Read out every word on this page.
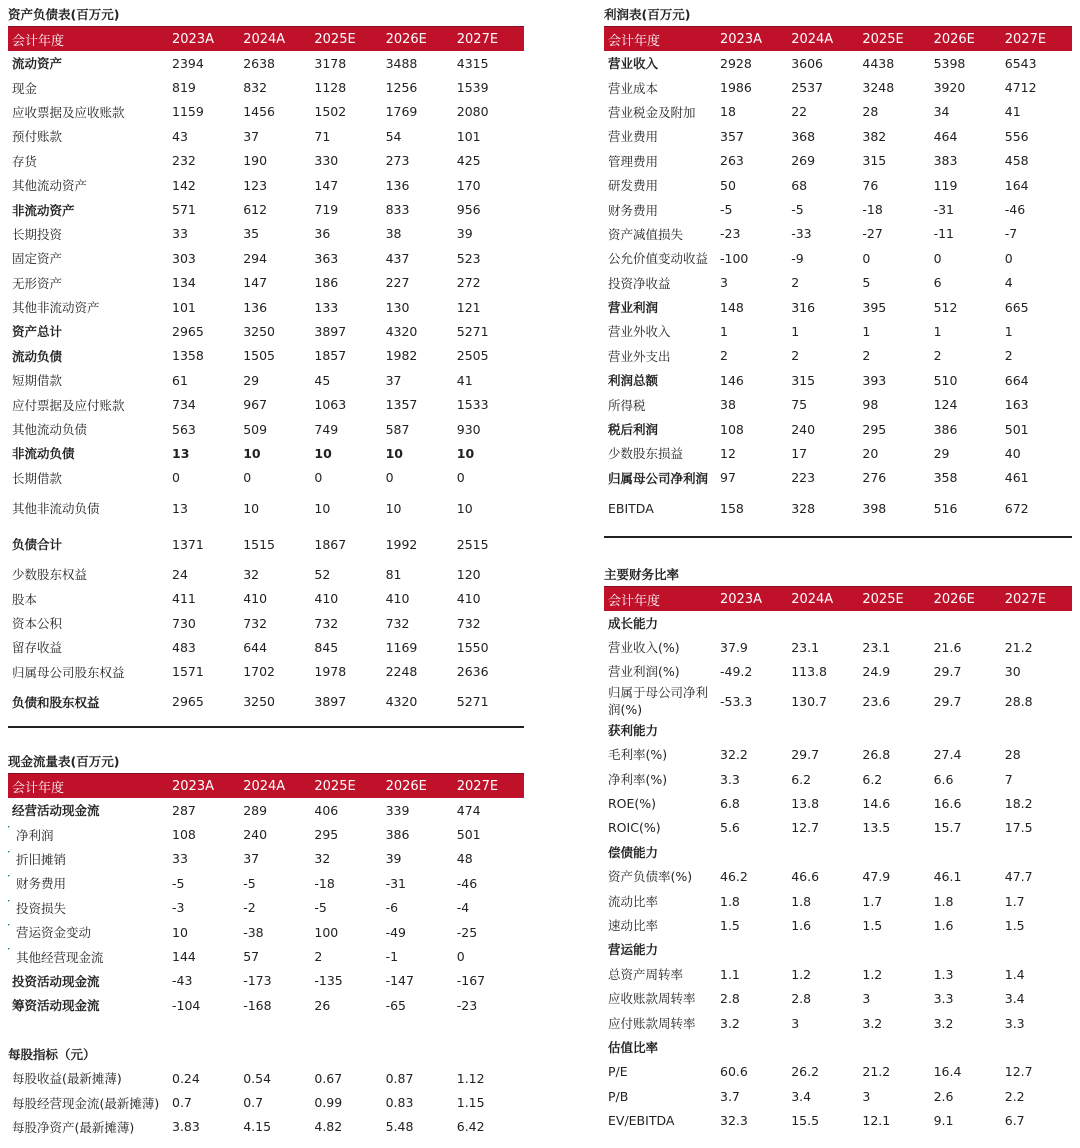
资产负债表(百万元)
会计年度	2023A	2024A	2025E	2026E	2027E
流动资产	2394	2638	3178	3488	4315
现金	819	832	1128	1256	1539
应收票据及应收账款	1159	1456	1502	1769	2080
预付账款	43	37	71	54	101
存货	232	190	330	273	425
其他流动资产	142	123	147	136	170
非流动资产	571	612	719	833	956
长期投资	33	35	36	38	39
固定资产	303	294	363	437	523
无形资产	134	147	186	227	272
其他非流动资产	101	136	133	130	121
资产总计	2965	3250	3897	4320	5271
流动负债	1358	1505	1857	1982	2505
短期借款	61	29	45	37	41
应付票据及应付账款	734	967	1063	1357	1533
其他流动负债	563	509	749	587	930
非流动负债	13	10	10	10	10
长期借款	0	0	0	0	0
其他非流动负债	13	10	10	10	10
负债合计	1371	1515	1867	1992	2515
少数股东权益	24	32	52	81	120
股本	411	410	410	410	410
资本公积	730	732	732	732	732
留存收益	483	644	845	1169	1550
归属母公司股东权益	1571	1702	1978	2248	2636
负债和股东权益	2965	3250	3897	4320	5271
利润表(百万元)
会计年度	2023A	2024A	2025E	2026E	2027E
营业收入	2928	3606	4438	5398	6543
营业成本	1986	2537	3248	3920	4712
营业税金及附加	18	22	28	34	41
营业费用	357	368	382	464	556
管理费用	263	269	315	383	458
研发费用	50	68	76	119	164
财务费用	-5	-5	-18	-31	-46
资产减值损失	-23	-33	-27	-11	-7
公允价值变动收益	-100	-9	0	0	0
投资净收益	3	2	5	6	4
营业利润	148	316	395	512	665
营业外收入	1	1	1	1	1
营业外支出	2	2	2	2	2
利润总额	146	315	393	510	664
所得税	38	75	98	124	163
税后利润	108	240	295	386	501
少数股东损益	12	17	20	29	40
归属母公司净利润	97	223	276	358	461
EBITDA	158	328	398	516	672
主要财务比率
会计年度	2023A	2024A	2025E	2026E	2027E
成长能力					
营业收入(%)	37.9	23.1	23.1	21.6	21.2
营业利润(%)	-49.2	113.8	24.9	29.7	30
归属于母公司净利润(%)	-53.3	130.7	23.6	29.7	28.8
获利能力					
毛利率(%)	32.2	29.7	26.8	27.4	28
净利率(%)	3.3	6.2	6.2	6.6	7
ROE(%)	6.8	13.8	14.6	16.6	18.2
ROIC(%)	5.6	12.7	13.5	15.7	17.5
偿债能力					
资产负债率(%)	46.2	46.6	47.9	46.1	47.7
流动比率	1.8	1.8	1.7	1.8	1.7
速动比率	1.5	1.6	1.5	1.6	1.5
营运能力					
总资产周转率	1.1	1.2	1.2	1.3	1.4
应收账款周转率	2.8	2.8	3	3.3	3.4
应付账款周转率	3.2	3	3.2	3.2	3.3
估值比率					
P/E	60.6	26.2	21.2	16.4	12.7
P/B	3.7	3.4	3	2.6	2.2
EV/EBITDA	32.3	15.5	12.1	9.1	6.7
现金流量表(百万元)
会计年度	2023A	2024A	2025E	2026E	2027E
经营活动现金流	287	289	406	339	474
净利润	108	240	295	386	501
折旧摊销	33	37	32	39	48
财务费用	-5	-5	-18	-31	-46
投资损失	-3	-2	-5	-6	-4
营运资金变动	10	-38	100	-49	-25
其他经营现金流	144	57	2	-1	0
投资活动现金流	-43	-173	-135	-147	-167
筹资活动现金流	-104	-168	26	-65	-23
每股指标（元）
每股收益(最新摊薄)	0.24	0.54	0.67	0.87	1.12
每股经营现金流(最新摊薄)	0.7	0.7	0.99	0.83	1.15
每股净资产(最新摊薄)	3.83	4.15	4.82	5.48	6.42
